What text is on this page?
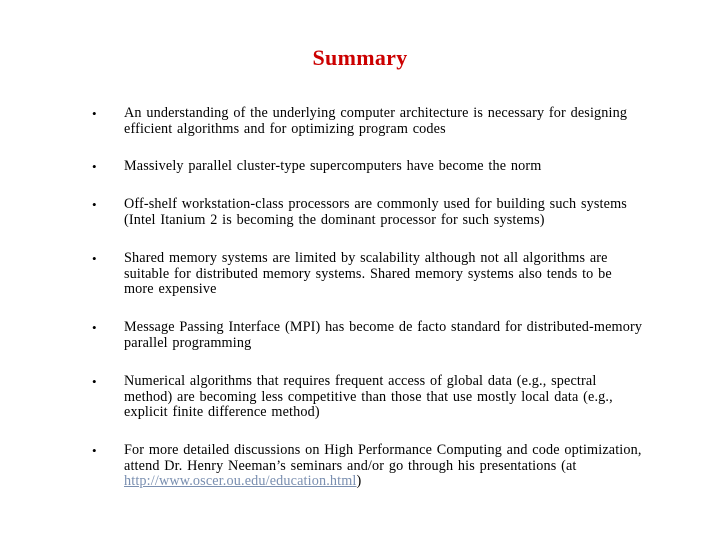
Summary
• An understanding of the underlying computer architecture is necessary for designing efficient algorithms and for optimizing program codes
• Massively parallel cluster-type supercomputers have become the norm
• Off-shelf workstation-class processors are commonly used for building such systems (Intel Itanium 2 is becoming the dominant processor for such systems)
• Shared memory systems are limited by scalability although not all algorithms are suitable for distributed memory systems. Shared memory systems also tends to be more expensive
• Message Passing Interface (MPI) has become de facto standard for distributed-memory parallel programming
• Numerical algorithms that requires frequent access of global data (e.g., spectral method) are becoming less competitive than those that use mostly local data (e.g., explicit finite difference method)
• For more detailed discussions on High Performance Computing and code optimization, attend Dr. Henry Neeman’s seminars and/or go through his presentations (at http://www.oscer.ou.edu/education.html)
